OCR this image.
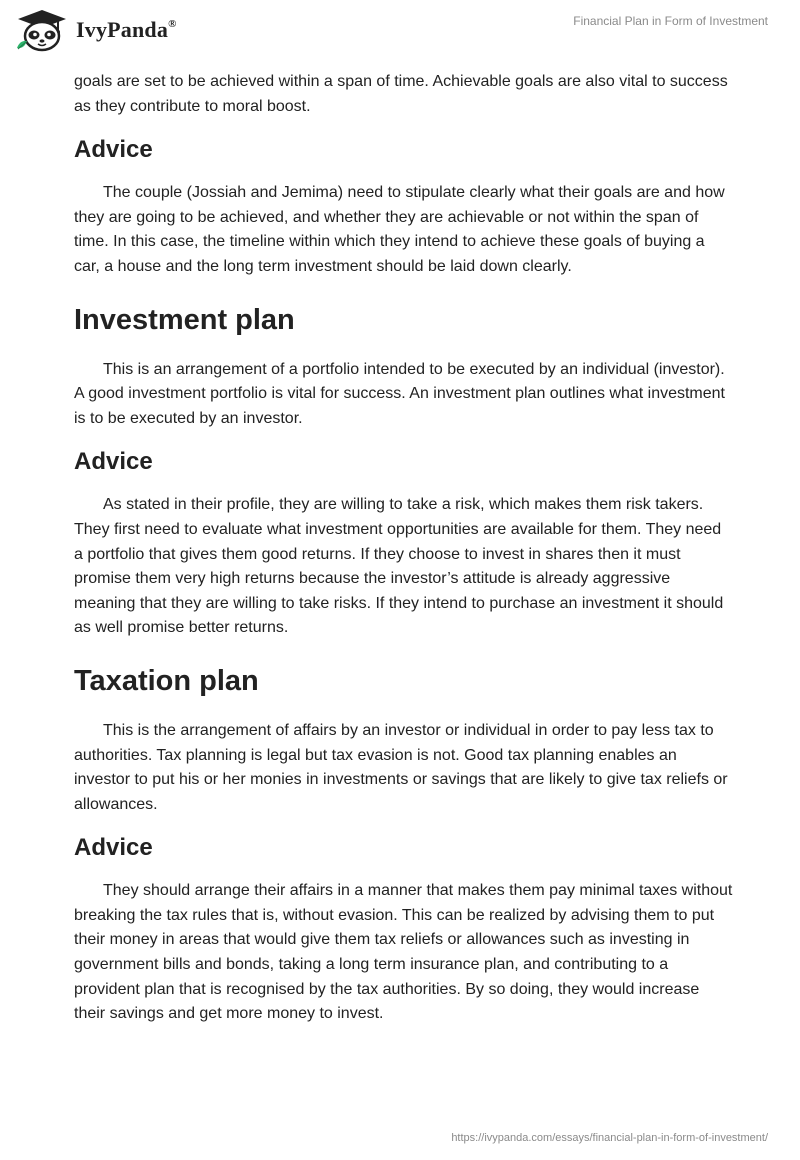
IvyPanda®	Financial Plan in Form of Investment

goals are set to be achieved within a span of time. Achievable goals are also vital to success as they contribute to moral boost.

Advice

The couple (Jossiah and Jemima) need to stipulate clearly what their goals are and how they are going to be achieved, and whether they are achievable or not within the span of time. In this case, the timeline within which they intend to achieve these goals of buying a car, a house and the long term investment should be laid down clearly.

Investment plan

This is an arrangement of a portfolio intended to be executed by an individual (investor). A good investment portfolio is vital for success. An investment plan outlines what investment is to be executed by an investor.

Advice

As stated in their profile, they are willing to take a risk, which makes them risk takers. They first need to evaluate what investment opportunities are available for them. They need a portfolio that gives them good returns. If they choose to invest in shares then it must promise them very high returns because the investor’s attitude is already aggressive meaning that they are willing to take risks. If they intend to purchase an investment it should as well promise better returns.

Taxation plan

This is the arrangement of affairs by an investor or individual in order to pay less tax to authorities. Tax planning is legal but tax evasion is not. Good tax planning enables an investor to put his or her monies in investments or savings that are likely to give tax reliefs or allowances.

Advice

They should arrange their affairs in a manner that makes them pay minimal taxes without breaking the tax rules that is, without evasion. This can be realized by advising them to put their money in areas that would give them tax reliefs or allowances such as investing in government bills and bonds, taking a long term insurance plan, and contributing to a provident plan that is recognised by the tax authorities. By so doing, they would increase their savings and get more money to invest.

https://ivypanda.com/essays/financial-plan-in-form-of-investment/
